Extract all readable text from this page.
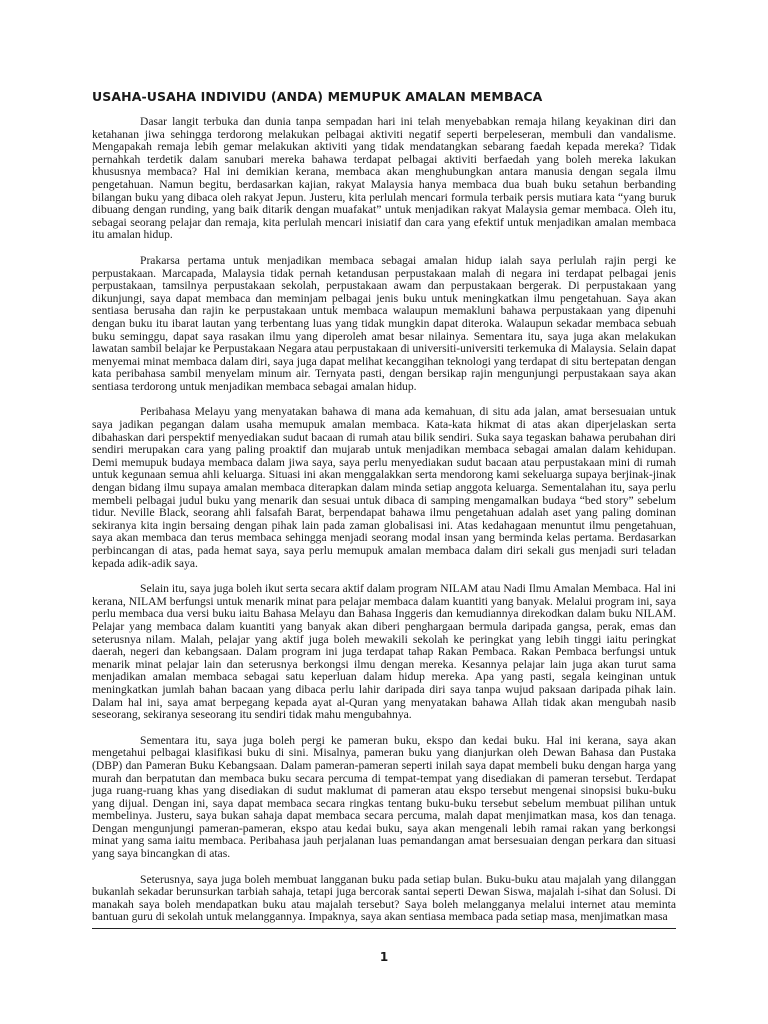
USAHA-USAHA INDIVIDU (ANDA) MEMUPUK AMALAN MEMBACA

Dasar langit terbuka dan dunia tanpa sempadan hari ini telah menyebabkan remaja hilang keyakinan diri dan ketahanan jiwa sehingga terdorong melakukan pelbagai aktiviti negatif seperti berpeleseran, membuli dan vandalisme. Mengapakah remaja lebih gemar melakukan aktiviti yang tidak mendatangkan sebarang faedah kepada mereka? Tidak pernahkah terdetik dalam sanubari mereka bahawa terdapat pelbagai aktiviti berfaedah yang boleh mereka lakukan khususnya membaca? Hal ini demikian kerana, membaca akan menghubungkan antara manusia dengan segala ilmu pengetahuan. Namun begitu, berdasarkan kajian, rakyat Malaysia hanya membaca dua buah buku setahun berbanding bilangan buku yang dibaca oleh rakyat Jepun. Justeru, kita perlulah mencari formula terbaik persis mutiara kata “yang buruk dibuang dengan runding, yang baik ditarik dengan muafakat” untuk menjadikan rakyat Malaysia gemar membaca. Oleh itu, sebagai seorang pelajar dan remaja, kita perlulah mencari inisiatif dan cara yang efektif untuk menjadikan amalan membaca itu amalan hidup.

Prakarsa pertama untuk menjadikan membaca sebagai amalan hidup ialah saya perlulah rajin pergi ke perpustakaan. Marcapada, Malaysia tidak pernah ketandusan perpustakaan malah di negara ini terdapat pelbagai jenis perpustakaan, tamsilnya perpustakaan sekolah, perpustakaan awam dan perpustakaan bergerak. Di perpustakaan yang dikunjungi, saya dapat membaca dan meminjam pelbagai jenis buku untuk meningkatkan ilmu pengetahuan. Saya akan sentiasa berusaha dan rajin ke perpustakaan untuk membaca walaupun memakluni bahawa perpustakaan yang dipenuhi dengan buku itu ibarat lautan yang terbentang luas yang tidak mungkin dapat diteroka. Walaupun sekadar membaca sebuah buku seminggu, dapat saya rasakan ilmu yang diperoleh amat besar nilainya. Sementara itu, saya juga akan melakukan lawatan sambil belajar ke Perpustakaan Negara atau perpustakaan di universiti-universiti terkemuka di Malaysia. Selain dapat menyemai minat membaca dalam diri, saya juga dapat melihat kecanggihan teknologi yang terdapat di situ bertepatan dengan kata peribahasa sambil menyelam minum air. Ternyata pasti, dengan bersikap rajin mengunjungi perpustakaan saya akan sentiasa terdorong untuk menjadikan membaca sebagai amalan hidup.

Peribahasa Melayu yang menyatakan bahawa di mana ada kemahuan, di situ ada jalan, amat bersesuaian untuk saya jadikan pegangan dalam usaha memupuk amalan membaca. Kata-kata hikmat di atas akan diperjelaskan serta dibahaskan dari perspektif menyediakan sudut bacaan di rumah atau bilik sendiri. Suka saya tegaskan bahawa perubahan diri sendiri merupakan cara yang paling proaktif dan mujarab untuk menjadikan membaca sebagai amalan dalam kehidupan. Demi memupuk budaya membaca dalam jiwa saya, saya perlu menyediakan sudut bacaan atau perpustakaan mini di rumah untuk kegunaan semua ahli keluarga. Situasi ini akan menggalakkan serta mendorong kami sekeluarga supaya berjinak-jinak dengan bidang ilmu supaya amalan membaca diterapkan dalam minda setiap anggota keluarga. Sementalahan itu, saya perlu membeli pelbagai judul buku yang menarik dan sesuai untuk dibaca di samping mengamalkan budaya “bed story” sebelum tidur. Neville Black, seorang ahli falsafah Barat, berpendapat bahawa ilmu pengetahuan adalah aset yang paling dominan sekiranya kita ingin bersaing dengan pihak lain pada zaman globalisasi ini. Atas kedahagaan menuntut ilmu pengetahuan, saya akan membaca dan terus membaca sehingga menjadi seorang modal insan yang berminda kelas pertama. Berdasarkan perbincangan di atas, pada hemat saya, saya perlu memupuk amalan membaca dalam diri sekali gus menjadi suri teladan kepada adik-adik saya.

Selain itu, saya juga boleh ikut serta secara aktif dalam program NILAM atau Nadi Ilmu Amalan Membaca. Hal ini kerana, NILAM berfungsi untuk menarik minat para pelajar membaca dalam kuantiti yang banyak. Melalui program ini, saya perlu membaca dua versi buku iaitu Bahasa Melayu dan Bahasa Inggeris dan kemudiannya direkodkan dalam buku NILAM. Pelajar yang membaca dalam kuantiti yang banyak akan diberi penghargaan bermula daripada gangsa, perak, emas dan seterusnya nilam. Malah, pelajar yang aktif juga boleh mewakili sekolah ke peringkat yang lebih tinggi iaitu peringkat daerah, negeri dan kebangsaan. Dalam program ini juga terdapat tahap Rakan Pembaca. Rakan Pembaca berfungsi untuk menarik minat pelajar lain dan seterusnya berkongsi ilmu dengan mereka. Kesannya pelajar lain juga akan turut sama menjadikan amalan membaca sebagai satu keperluan dalam hidup mereka. Apa yang pasti, segala keinginan untuk meningkatkan jumlah bahan bacaan yang dibaca perlu lahir daripada diri saya tanpa wujud paksaan daripada pihak lain. Dalam hal ini, saya amat berpegang kepada ayat al-Quran yang menyatakan bahawa Allah tidak akan mengubah nasib seseorang, sekiranya seseorang itu sendiri tidak mahu mengubahnya.

Sementara itu, saya juga boleh pergi ke pameran buku, ekspo dan kedai buku. Hal ini kerana, saya akan mengetahui pelbagai klasifikasi buku di sini. Misalnya, pameran buku yang dianjurkan oleh Dewan Bahasa dan Pustaka (DBP) dan Pameran Buku Kebangsaan. Dalam pameran-pameran seperti inilah saya dapat membeli buku dengan harga yang murah dan berpatutan dan membaca buku secara percuma di tempat-tempat yang disediakan di pameran tersebut. Terdapat juga ruang-ruang khas yang disediakan di sudut maklumat di pameran atau ekspo tersebut mengenai sinopsisi buku-buku yang dijual. Dengan ini, saya dapat membaca secara ringkas tentang buku-buku tersebut sebelum membuat pilihan untuk membelinya. Justeru, saya bukan sahaja dapat membaca secara percuma, malah dapat menjimatkan masa, kos dan tenaga. Dengan mengunjungi pameran-pameran, ekspo atau kedai buku, saya akan mengenali lebih ramai rakan yang berkongsi minat yang sama iaitu membaca. Peribahasa jauh perjalanan luas pemandangan amat bersesuaian dengan perkara dan situasi yang saya bincangkan di atas.

Seterusnya, saya juga boleh membuat langganan buku pada setiap bulan. Buku-buku atau majalah yang dilanggan bukanlah sekadar berunsurkan tarbiah sahaja, tetapi juga bercorak santai seperti Dewan Siswa, majalah i-sihat dan Solusi. Di manakah saya boleh mendapatkan buku atau majalah tersebut? Saya boleh melangganya melalui internet atau meminta bantuan guru di sekolah untuk melanggannya. Impaknya, saya akan sentiasa membaca pada setiap masa, menjimatkan masa

1
